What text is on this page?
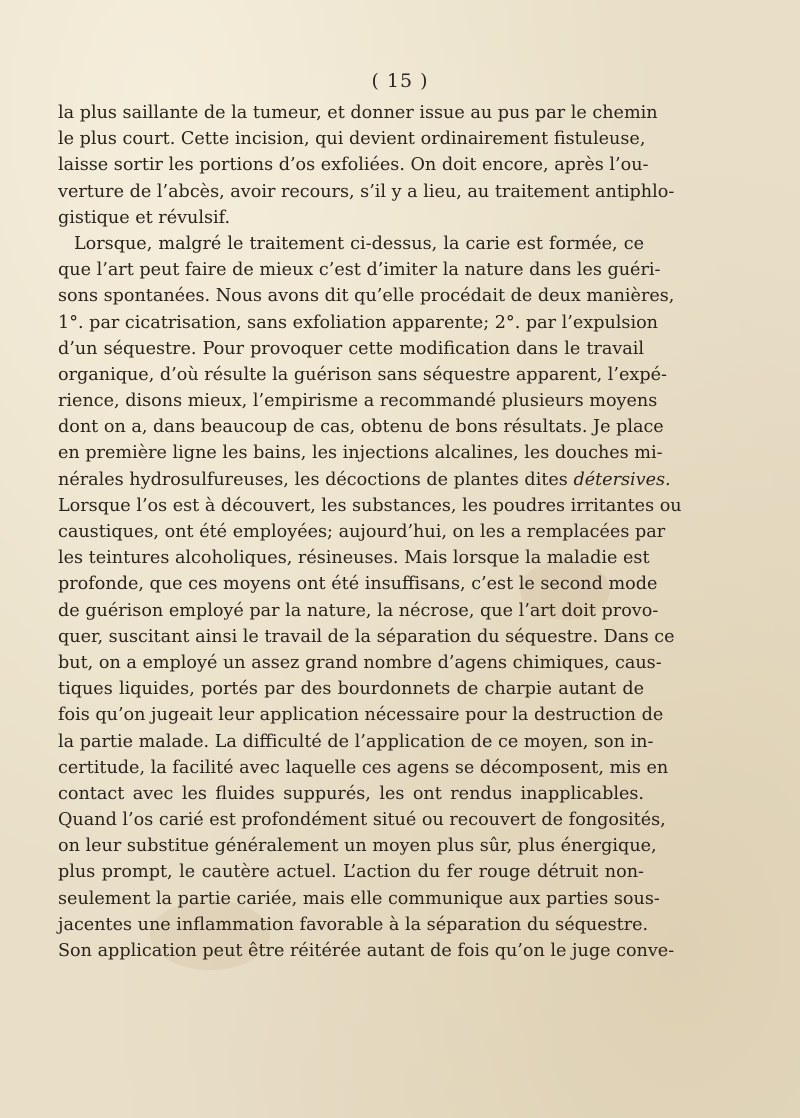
( 15 )
la plus saillante de la tumeur, et donner issue au pus par le chemin
le plus court. Cette incision, qui devient ordinairement fistuleuse,
laisse sortir les portions d’os exfoliées. On doit encore, après l’ou-
verture de l’abcès, avoir recours, s’il y a lieu, au traitement antiphlo-
gistique et révulsif.
Lorsque, malgré le traitement ci-dessus, la carie est formée, ce
que l’art peut faire de mieux c’est d’imiter la nature dans les guéri-
sons spontanées. Nous avons dit qu’elle procédait de deux manières,
1°. par cicatrisation, sans exfoliation apparente; 2°. par l’expulsion
d’un séquestre. Pour provoquer cette modification dans le travail
organique, d’où résulte la guérison sans séquestre apparent, l’expé-
rience, disons mieux, l’empirisme a recommandé plusieurs moyens
dont on a, dans beaucoup de cas, obtenu de bons résultats. Je place
en première ligne les bains, les injections alcalines, les douches mi-
nérales hydrosulfureuses, les décoctions de plantes dites détersives.
Lorsque l’os est à découvert, les substances, les poudres irritantes ou
caustiques, ont été employées; aujourd’hui, on les a remplacées par
les teintures alcoholiques, résineuses. Mais lorsque la maladie est
profonde, que ces moyens ont été insuffisans, c’est le second mode
de guérison employé par la nature, la nécrose, que l’art doit provo-
quer, suscitant ainsi le travail de la séparation du séquestre. Dans ce
but, on a employé un assez grand nombre d’agens chimiques, caus-
tiques liquides, portés par des bourdonnets de charpie autant de
fois qu’on jugeait leur application nécessaire pour la destruction de
la partie malade. La difficulté de l’application de ce moyen, son in-
certitude, la facilité avec laquelle ces agens se décomposent, mis en
contact avec les fluides suppurés, les ont rendus inapplicables.
Quand l’os carié est profondément situé ou recouvert de fongosités,
on leur substitue généralement un moyen plus sûr, plus énergique,
plus prompt, le cautère actuel. L’action du fer rouge détruit non-
seulement la partie cariée, mais elle communique aux parties sous-
jacentes une inflammation favorable à la séparation du séquestre.
Son application peut être réitérée autant de fois qu’on le juge conve-
